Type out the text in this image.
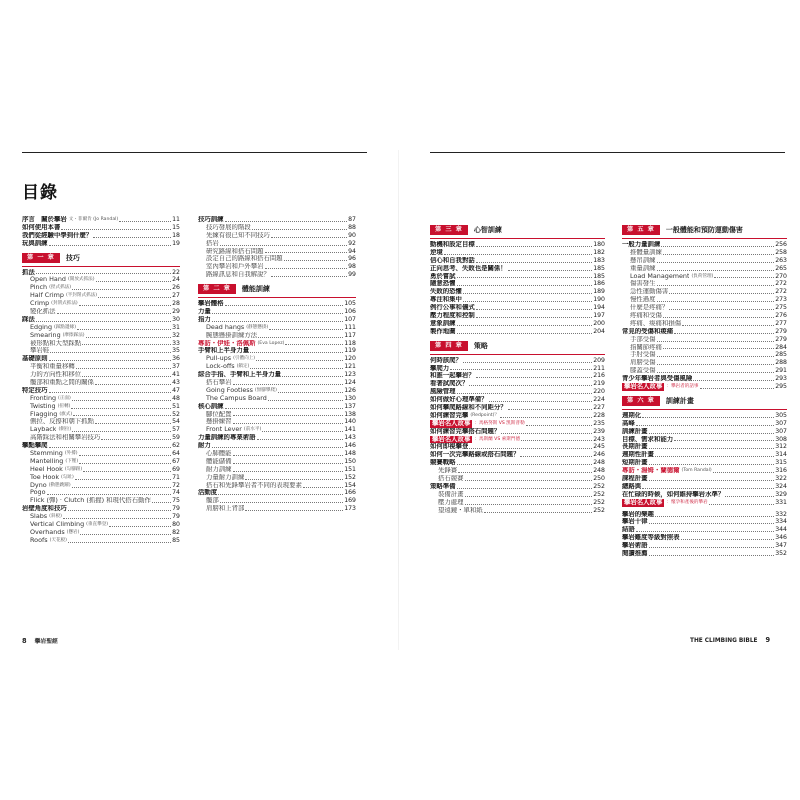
目錄
序言　關於攀岩 文・菲爾肯 (Jo Randal)	11
如何使用本書	15
我們從經驗中學到什麼？	18
玩與訓練	19
第 一 章	技巧
抓法	22
Open Hand (開放式抓法)	24
Pinch (捏式抓法)	26
Half Crimp (半封閉式抓法)	27
Crimp (封閉式抓法)	28
變化抓法	29
踩法	30
Edging (踩點邊緣)	31
Smearing (摩擦踩法)	32
被形點和大型踩點	33
攀岩鞋	35
基礎原則	36
平衡和重量移轉	37
力的方向性和移位	41
髖部和重點之間的關係	43
特定技巧	47
Fronting (正面)	48
Twisting (扭轉)	51
Flagging (旗式)	52
側拉、反撐和朝下抓點	54
Layback (側拉)	57
高階踩法和相關攀岩技巧	59
攀點攀爬	62
Stemming (外撐)	64
Mantelling (下壓)	67
Heel Hook (勾腳跟)	69
Toe Hook (勾趾)	71
Dyno (動態跳躍)	72
Pogo	74
Flick (彈) · Clutch (抓握) 和現代搭石動作	75
岩壁角度和技巧	79
Slabs (斜板)	79
Vertical Climbing (垂直攀登)	80
Overhands (懸岩)	82
Roofs (天花板)	85
技巧訓練	87
技巧發展的階段	88
先練有很已知不同技巧	90
搭岩	92
研究路線和搭石問題	94
設定自己的路線和搭石問題	96
室內攀岩和戶外攀岩	98
路線訊息和自我解說？	99
第 二 章	體能訓練
攀岩體格	105
力量	106
指力	107
Dead hangs (靜態懸掛)	111
腕態懸掛訓練方法	117
專訪・伊娃・洛佩斯 (Eva Lopez)	118
手臂和上半身力量	119
Pull-ups (引體向上)	120
Lock-offs (鎖定)	121
綜合手指、手臂和上半身力量	123
搭石攀岩	124
Going Footless (無腳攀爬)	126
The Campus Board	130
核心訓練	137
腳位配置	138
懸掛練習	140
Front Lever (前水平)	141
力量訓練的專業術語	143
耐力	146
心肺體能	148
體能儲備	150
耐力訓練	151
力量耐力訓練	152
搭石和先鋒攀岩者不同的表現要素	154
活動度	166
髖部	169
肩膀和上背部	173
第 三 章	心智訓練
動機和設定目標	180
逆境	182
信心和自我對話	183
正向思考、失敗也是關係！	185
勇於嘗試	185
隨意恐懼	186
失敗的恐懼	189
專注和集中	190
例行公事和儀式	194
壓力程度和控制	197
意象訓練	200
製作地圖	204
第 四 章	策略
何時該爬？	209
攀爬力	211
和誰一起攀岩？	216
看著試爬次？	219
風險管理	220
如何做好心理準備？	224
如何攀爬路線和不同距分？	227
如何練習完攀 (Redpoint)？	228
攀岩名人故事 ：馬格努斯 VS 凯斯普勒	235
如何練習完攀搭石問題？	239
攀岩名人故事 ：馬斯蘭 VS 索斯門德	243
如何即視攀登	245
如何一次完攀路線或搭石問題？	246
競賽戰略	248
先鋒賽	248
搭石競賽	250
策略準備	252
裝備計畫	252
壓力處理	252
望遠鏡・單和紙	252
第 五 章	一般體能和預防運動傷害
一般力量訓練	256
推體量訓練	258
懸吊訓練	263
重量訓練	265
Load Management (負荷管理)	270
傷害發生	272
急性運動傷害	272
慢性過度	273
什麼是疼痛？	275
疼痛和受傷	276
疼痛、痠痛和損傷	277
常見的受傷和痠痛	279
手部受傷	279
指關節疼痛	284
手肘受傷	285
肩膀受傷	288
膝蓋受傷	291
青少年攀岩者與受傷風險	293
攀岩名人故事 ：攀岩者的話事	295
第 六 章	訓練計畫
週期化	305
高峰	307
訓練計畫	307
目標、需求和能力	308
長期計畫	312
週期性計畫	314
短期計畫	315
專訪・湯姆・蘭德爾 (Tom Randal)	316
課程計畫	322
總路與	324
在忙碌的時候，如何維持攀岩水準？	329
攀岩名人故事 ：懷孕和產後的攀岩	331
攀岩的樂趣	332
攀岩十律	334
結語	344
攀岩難度等級對照表	346
攀岩術語	347
閱讀推薦	352
8 攀岩聖經	THE CLIMBING BIBLE 9
